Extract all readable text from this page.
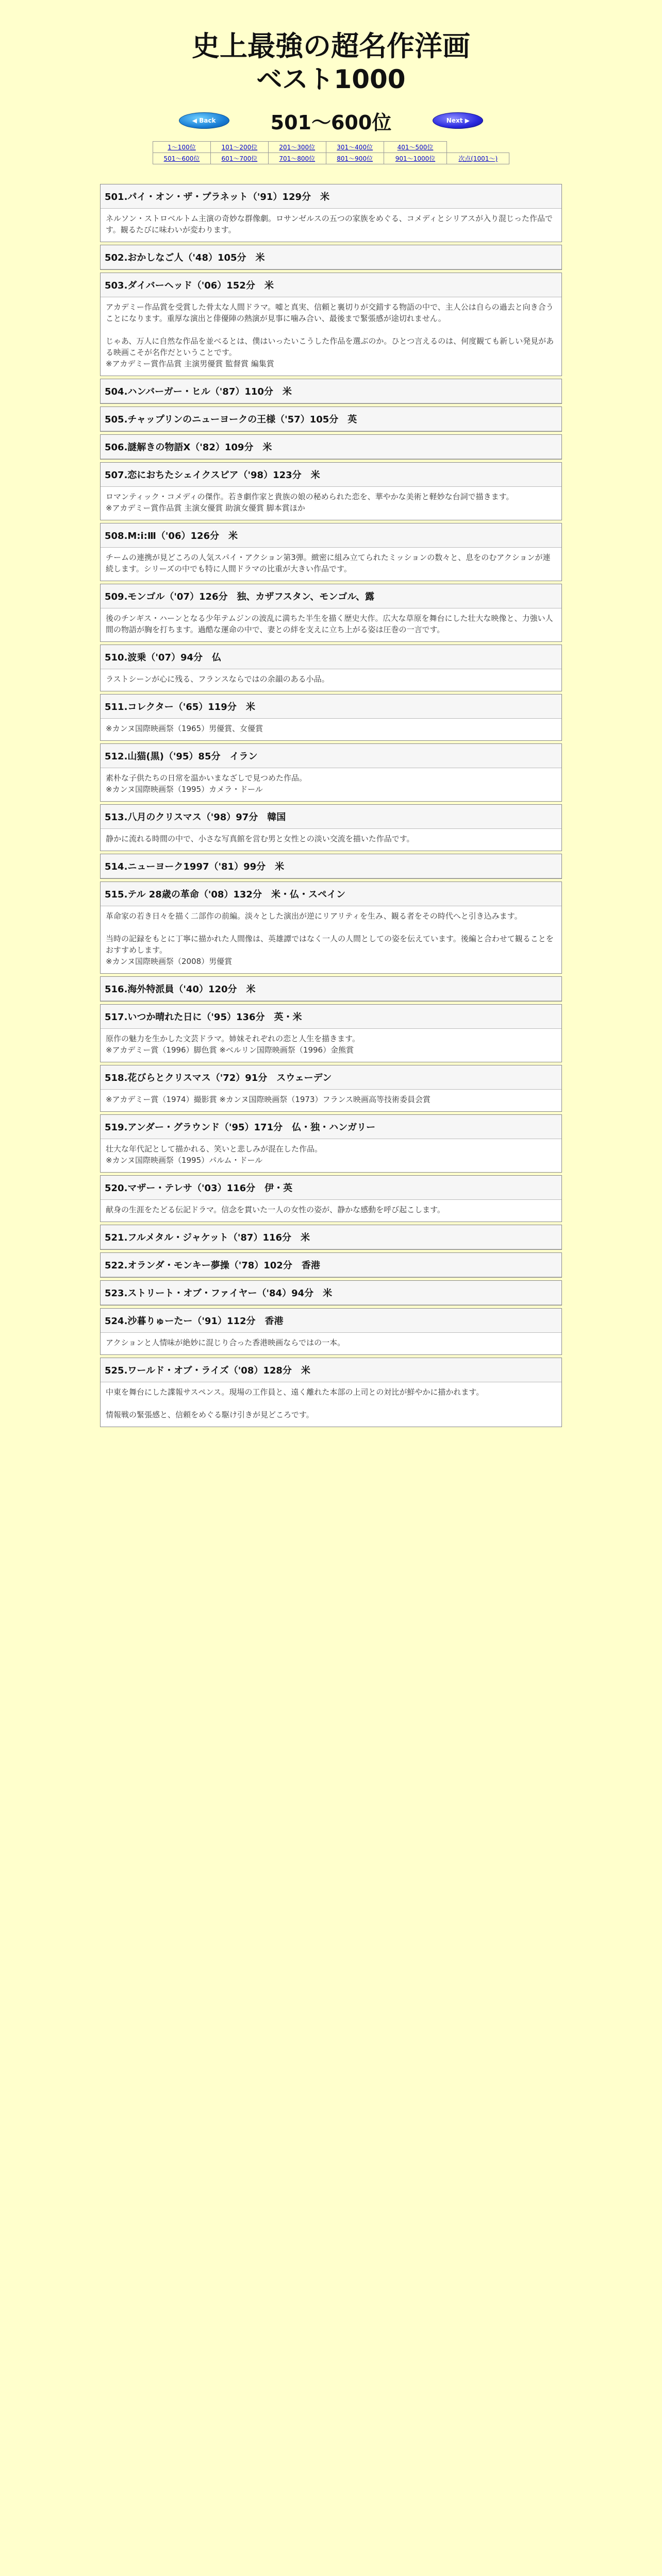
史上最強の超名作洋画
ベスト1000
◀ Back	501〜600位	Next ▶
1〜100位	101〜200位	201〜300位	301〜400位	401〜500位	
501〜600位	601〜700位	701〜800位	801〜900位	901〜1000位	次点(1001〜)
501.パイ・オン・ザ・プラネット（'91）129分　米
ネルソン・ストロベルトム主演の奇妙な群像劇。ロサンゼルスの五つの家族をめぐる、コメディとシリアスが入り混じった作品です。観るたびに味わいが変わります。
502.おかしなご人（'48）105分　米
503.ダイバーヘッド（'06）152分　米
アカデミー作品賞を受賞した骨太な人間ドラマ。嘘と真実、信頼と裏切りが交錯する物語の中で、主人公は自らの過去と向き合うことになります。重厚な演出と俳優陣の熱演が見事に噛み合い、最後まで緊張感が途切れません。

じゃあ、万人に自然な作品を並べるとは、僕はいったいこうした作品を選ぶのか。ひとつ言えるのは、何度観ても新しい発見がある映画こそが名作だということです。
※アカデミー賞作品賞 主演男優賞 監督賞 編集賞
504.ハンバーガー・ヒル（'87）110分　米
505.チャップリンのニューヨークの王様（'57）105分　英
506.謎解きの物語Ⅹ（'82）109分　米
507.恋におちたシェイクスピア（'98）123分　米
ロマンティック・コメディの傑作。若き劇作家と貴族の娘の秘められた恋を、華やかな美術と軽妙な台詞で描きます。
※アカデミー賞作品賞 主演女優賞 助演女優賞 脚本賞ほか
508.M:i:Ⅲ（'06）126分　米
チームの連携が見どころの人気スパイ・アクション第3弾。緻密に組み立てられたミッションの数々と、息をのむアクションが連続します。シリーズの中でも特に人間ドラマの比重が大きい作品です。
509.モンゴル（'07）126分　独、カザフスタン、モンゴル、露
後のチンギス・ハーンとなる少年テムジンの波乱に満ちた半生を描く歴史大作。広大な草原を舞台にした壮大な映像と、力強い人間の物語が胸を打ちます。過酷な運命の中で、妻との絆を支えに立ち上がる姿は圧巻の一言です。
510.波乗（'07）94分　仏
ラストシーンが心に残る、フランスならではの余韻のある小品。
511.コレクター（'65）119分　米
※カンヌ国際映画祭（1965）男優賞、女優賞
512.山猫(黒)（'95）85分　イラン
素朴な子供たちの日常を温かいまなざしで見つめた作品。
※カンヌ国際映画祭（1995）カメラ・ドール
513.八月のクリスマス（'98）97分　韓国
静かに流れる時間の中で、小さな写真館を営む男と女性との淡い交流を描いた作品です。
514.ニューヨーク1997（'81）99分　米
515.テル 28歳の革命（'08）132分　米・仏・スペイン
革命家の若き日々を描く二部作の前編。淡々とした演出が逆にリアリティを生み、観る者をその時代へと引き込みます。

当時の記録をもとに丁寧に描かれた人間像は、英雄譚ではなく一人の人間としての姿を伝えています。後編と合わせて観ることをおすすめします。
※カンヌ国際映画祭（2008）男優賞
516.海外特派員（'40）120分　米
517.いつか晴れた日に（'95）136分　英・米
原作の魅力を生かした文芸ドラマ。姉妹それぞれの恋と人生を描きます。
※アカデミー賞（1996）脚色賞 ※ベルリン国際映画祭（1996）金熊賞
518.花びらとクリスマス（'72）91分　スウェーデン
※アカデミー賞（1974）撮影賞 ※カンヌ国際映画祭（1973）フランス映画高等技術委員会賞
519.アンダー・グラウンド（'95）171分　仏・独・ハンガリー
壮大な年代記として描かれる、笑いと悲しみが混在した作品。
※カンヌ国際映画祭（1995）パルム・ドール
520.マザー・テレサ（'03）116分　伊・英
献身の生涯をたどる伝記ドラマ。信念を貫いた一人の女性の姿が、静かな感動を呼び起こします。
521.フルメタル・ジャケット（'87）116分　米
522.オランダ・モンキー夢操（'78）102分　香港
523.ストリート・オブ・ファイヤー（'84）94分　米
524.沙暮りゅーたー（'91）112分　香港
アクションと人情味が絶妙に混じり合った香港映画ならではの一本。
525.ワールド・オブ・ライズ（'08）128分　米
中東を舞台にした諜報サスペンス。現場の工作員と、遠く離れた本部の上司との対比が鮮やかに描かれます。

情報戦の緊張感と、信頼をめぐる駆け引きが見どころです。
